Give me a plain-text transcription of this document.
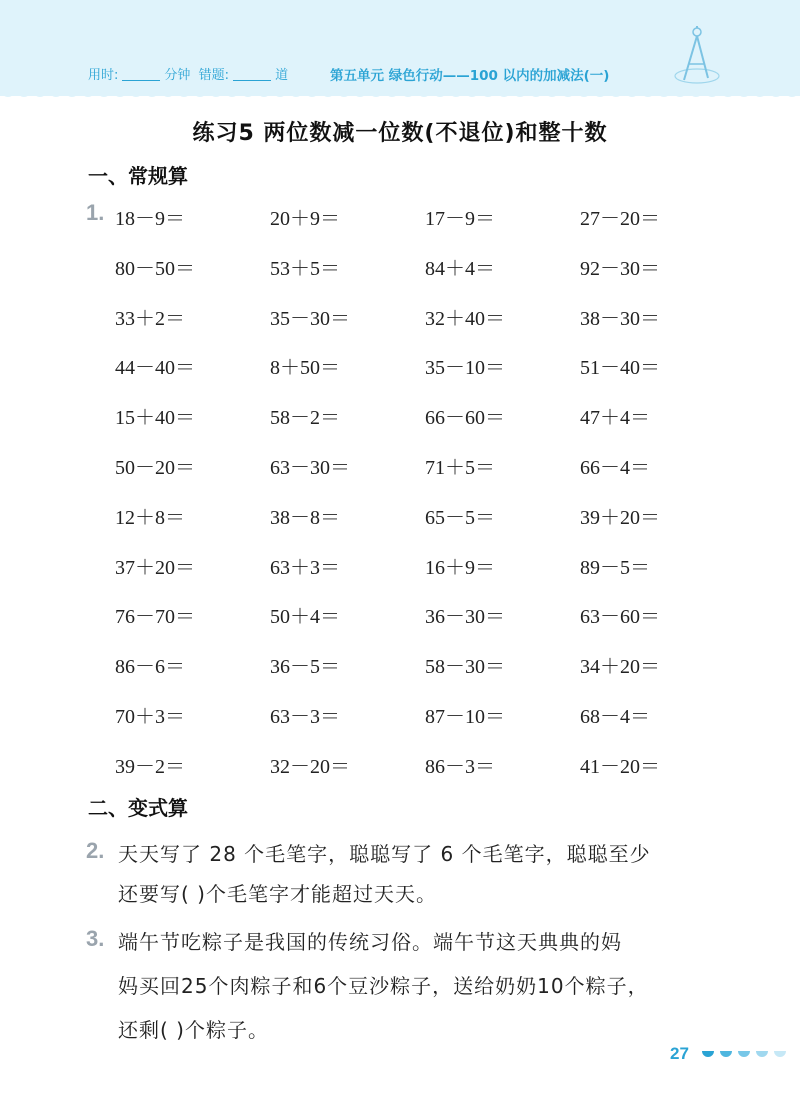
用时:	分钟 错题:	道	第五单元 绿色行动——100 以内的加减法(一)
练习5 两位数减一位数(不退位)和整十数
一、常规算
1. 18－9＝	20＋9＝	17－9＝	27－20＝
80－50＝	53＋5＝	84＋4＝	92－30＝
33＋2＝	35－30＝	32＋40＝	38－30＝
44－40＝	8＋50＝	35－10＝	51－40＝
15＋40＝	58－2＝	66－60＝	47＋4＝
50－20＝	63－30＝	71＋5＝	66－4＝
12＋8＝	38－8＝	65－5＝	39＋20＝
37＋20＝	63＋3＝	16＋9＝	89－5＝
76－70＝	50＋4＝	36－30＝	63－60＝
86－6＝	36－5＝	58－30＝	34＋20＝
70＋3＝	63－3＝	87－10＝	68－4＝
39－2＝	32－20＝	86－3＝	41－20＝
二、变式算
2. 天天写了 28 个毛笔字，聪聪写了 6 个毛笔字，聪聪至少
还要写( )个毛笔字才能超过天天。
3. 端午节吃粽子是我国的传统习俗。端午节这天典典的妈
妈买回25个肉粽子和6个豆沙粽子，送给奶奶10个粽子，
还剩( )个粽子。
27
